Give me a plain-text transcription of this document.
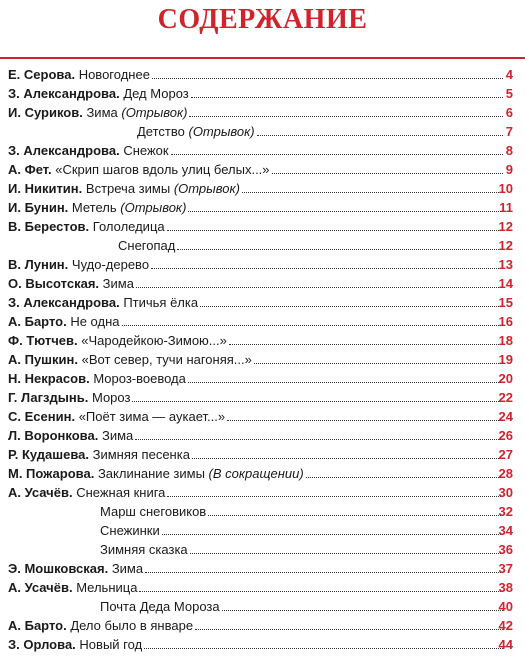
СОДЕРЖАНИЕ
Е. Серова. Новогоднее	4
З. Александрова. Дед Мороз	5
И. Суриков. Зима (Отрывок)	6
Детство (Отрывок)	7
З. Александрова. Снежок	8
А. Фет. «Скрип шагов вдоль улиц белых...»	9
И. Никитин. Встреча зимы (Отрывок)	10
И. Бунин. Метель (Отрывок)	11
В. Берестов. Гололедица	12
Снегопад	12
В. Лунин. Чудо-дерево	13
О. Высотская. Зима	14
З. Александрова. Птичья ёлка	15
А. Барто. Не одна	16
Ф. Тютчев. «Чародейкою-Зимою...»	18
А. Пушкин. «Вот север, тучи нагоняя...»	19
Н. Некрасов. Мороз-воевода	20
Г. Лагздынь. Мороз	22
С. Есенин. «Поёт зима — аукает...»	24
Л. Воронкова. Зима	26
Р. Кудашева. Зимняя песенка	27
М. Пожарова. Заклинание зимы (В сокращении)	28
А. Усачёв. Снежная книга	30
Марш снеговиков	32
Снежинки	34
Зимняя сказка	36
Э. Мошковская. Зима	37
А. Усачёв. Мельница	38
Почта Деда Мороза	40
А. Барто. Дело было в январе	42
З. Орлова. Новый год	44
